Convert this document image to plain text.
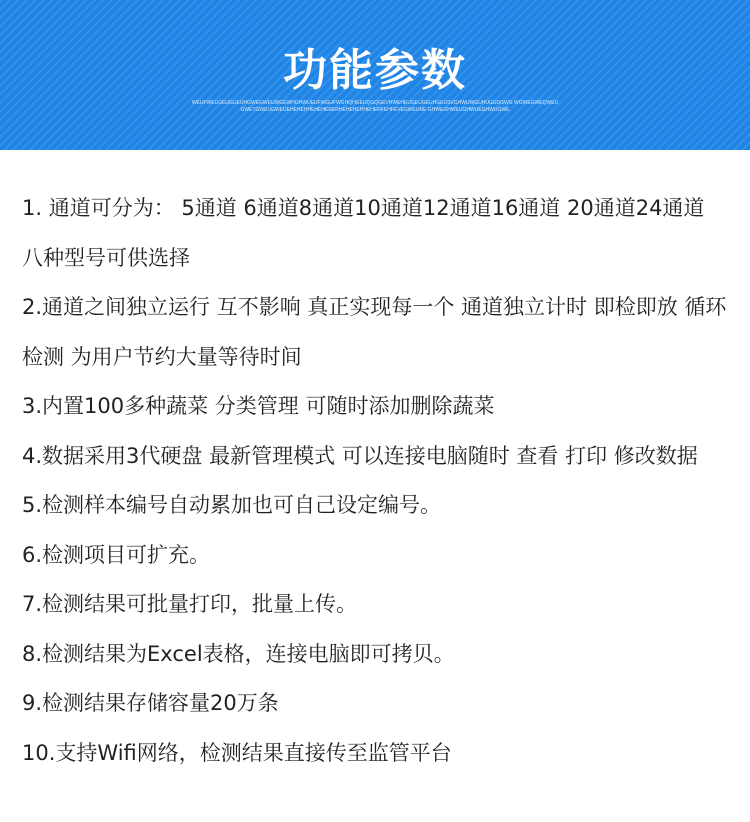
功能参数
WEUFWEUGEUGUEUHGWEGWEUWGEWHGHWUEUFWGUFWGHQHGEUQGQGEVHWEHEUGEUGEUHGEUSVGHWUWGUHUGUDGWG WGWEGWEQWEUGWETGWEUGWEUEHEHEHHEHEHERERHEHEHEHHEHERFEHFEVEGWEURE GHWEGHWEUGHWUEGHWUGWE
1. 通道可分为： 5通道 6通道8通道10通道12通道16通道 20通道24通道 八种型号可供选择
2.通道之间独立运行 互不影响 真正实现每一个 通道独立计时 即检即放 循环检测 为用户节约大量等待时间
3.内置100多种蔬菜 分类管理 可随时添加删除蔬菜
4.数据采用3代硬盘 最新管理模式 可以连接电脑随时 查看 打印 修改数据
5.检测样本编号自动累加也可自己设定编号。
6.检测项目可扩充。
7.检测结果可批量打印，批量上传。
8.检测结果为Excel表格，连接电脑即可拷贝。
9.检测结果存储容量20万条
10.支持Wifi网络，检测结果直接传至监管平台
